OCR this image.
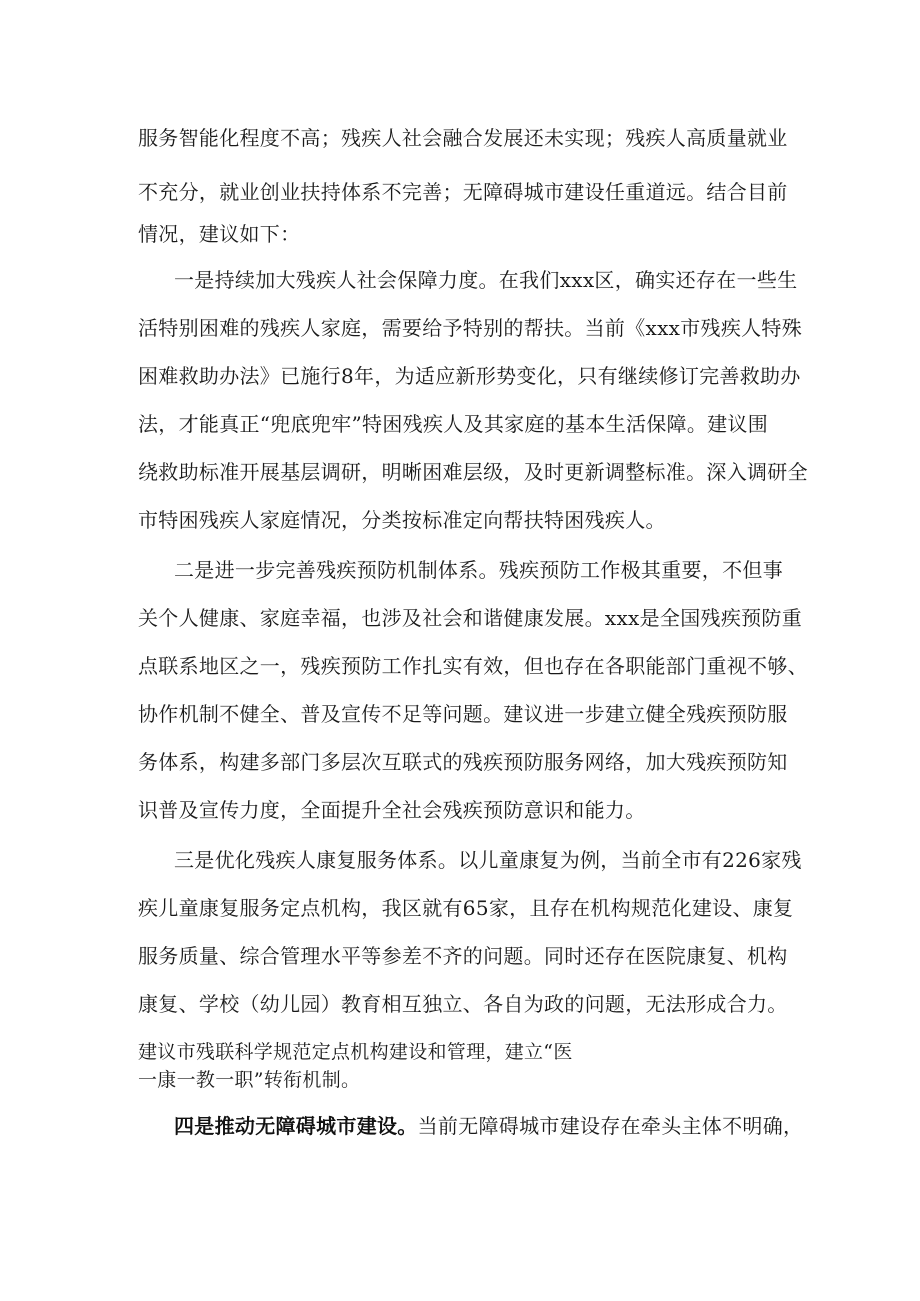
服务智能化程度不高；残疾人社会融合发展还未实现；残疾人高质量就业
不充分，就业创业扶持体系不完善；无障碍城市建设任重道远。结合目前
情况，建议如下：
一是持续加大残疾人社会保障力度。在我们xxx区，确实还存在一些生
活特别困难的残疾人家庭，需要给予特别的帮扶。当前《xxx市残疾人特殊
困难救助办法》已施行8年，为适应新形势变化，只有继续修订完善救助办
法，才能真正“兜底兜牢”特困残疾人及其家庭的基本生活保障。建议围
绕救助标准开展基层调研，明晰困难层级，及时更新调整标准。深入调研全
市特困残疾人家庭情况，分类按标准定向帮扶特困残疾人。
二是进一步完善残疾预防机制体系。残疾预防工作极其重要，不但事
关个人健康、家庭幸福，也涉及社会和谐健康发展。xxx是全国残疾预防重
点联系地区之一，残疾预防工作扎实有效，但也存在各职能部门重视不够、
协作机制不健全、普及宣传不足等问题。建议进一步建立健全残疾预防服
务体系，构建多部门多层次互联式的残疾预防服务网络，加大残疾预防知
识普及宣传力度，全面提升全社会残疾预防意识和能力。
三是优化残疾人康复服务体系。以儿童康复为例，当前全市有226家残
疾儿童康复服务定点机构，我区就有65家，且存在机构规范化建设、康复
服务质量、综合管理水平等参差不齐的问题。同时还存在医院康复、机构
康复、学校（幼儿园）教育相互独立、各自为政的问题，无法形成合力。
建议市残联科学规范定点机构建设和管理，建立“医
一康一教一职”转衔机制。
四是推动无障碍城市建设。当前无障碍城市建设存在牵头主体不明确，
